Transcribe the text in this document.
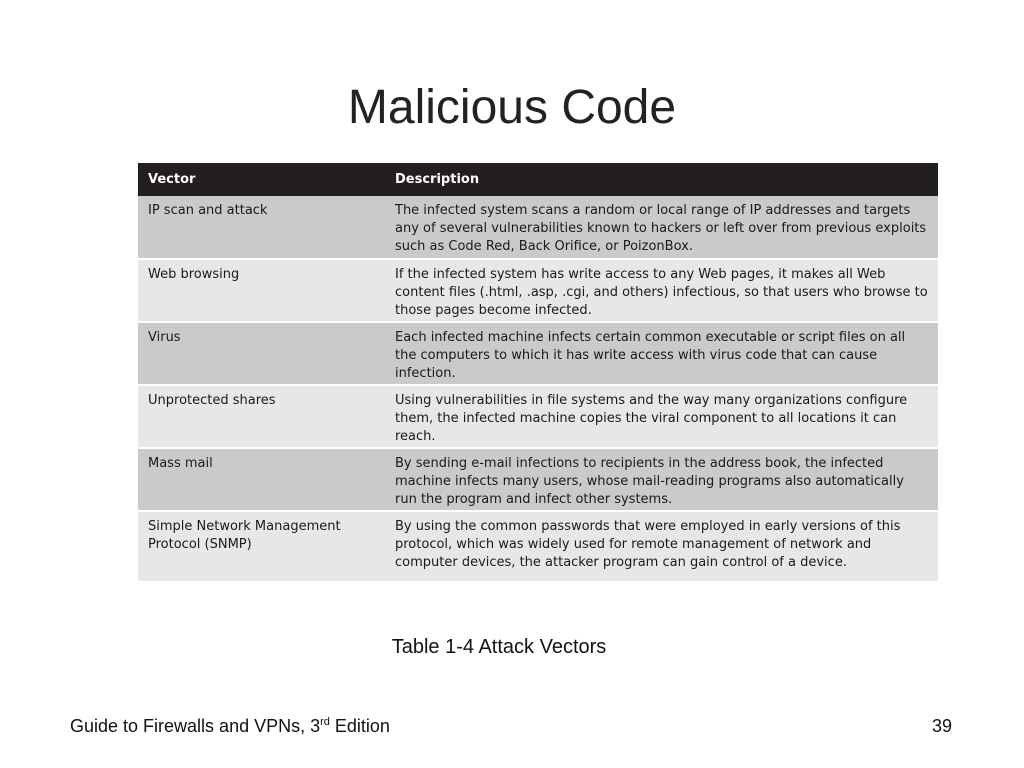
Malicious Code
Vector	Description
IP scan and attack	The infected system scans a random or local range of IP addresses and targets any of several vulnerabilities known to hackers or left over from previous exploits such as Code Red, Back Orifice, or PoizonBox.
Web browsing	If the infected system has write access to any Web pages, it makes all Web content files (.html, .asp, .cgi, and others) infectious, so that users who browse to those pages become infected.
Virus	Each infected machine infects certain common executable or script files on all the computers to which it has write access with virus code that can cause infection.
Unprotected shares	Using vulnerabilities in file systems and the way many organizations configure them, the infected machine copies the viral component to all locations it can reach.
Mass mail	By sending e-mail infections to recipients in the address book, the infected machine infects many users, whose mail-reading programs also automatically run the program and infect other systems.
Simple Network Management Protocol (SNMP)	By using the common passwords that were employed in early versions of this protocol, which was widely used for remote management of network and computer devices, the attacker program can gain control of a device.
Table 1-4 Attack Vectors
Guide to Firewalls and VPNs, 3rd Edition	39
